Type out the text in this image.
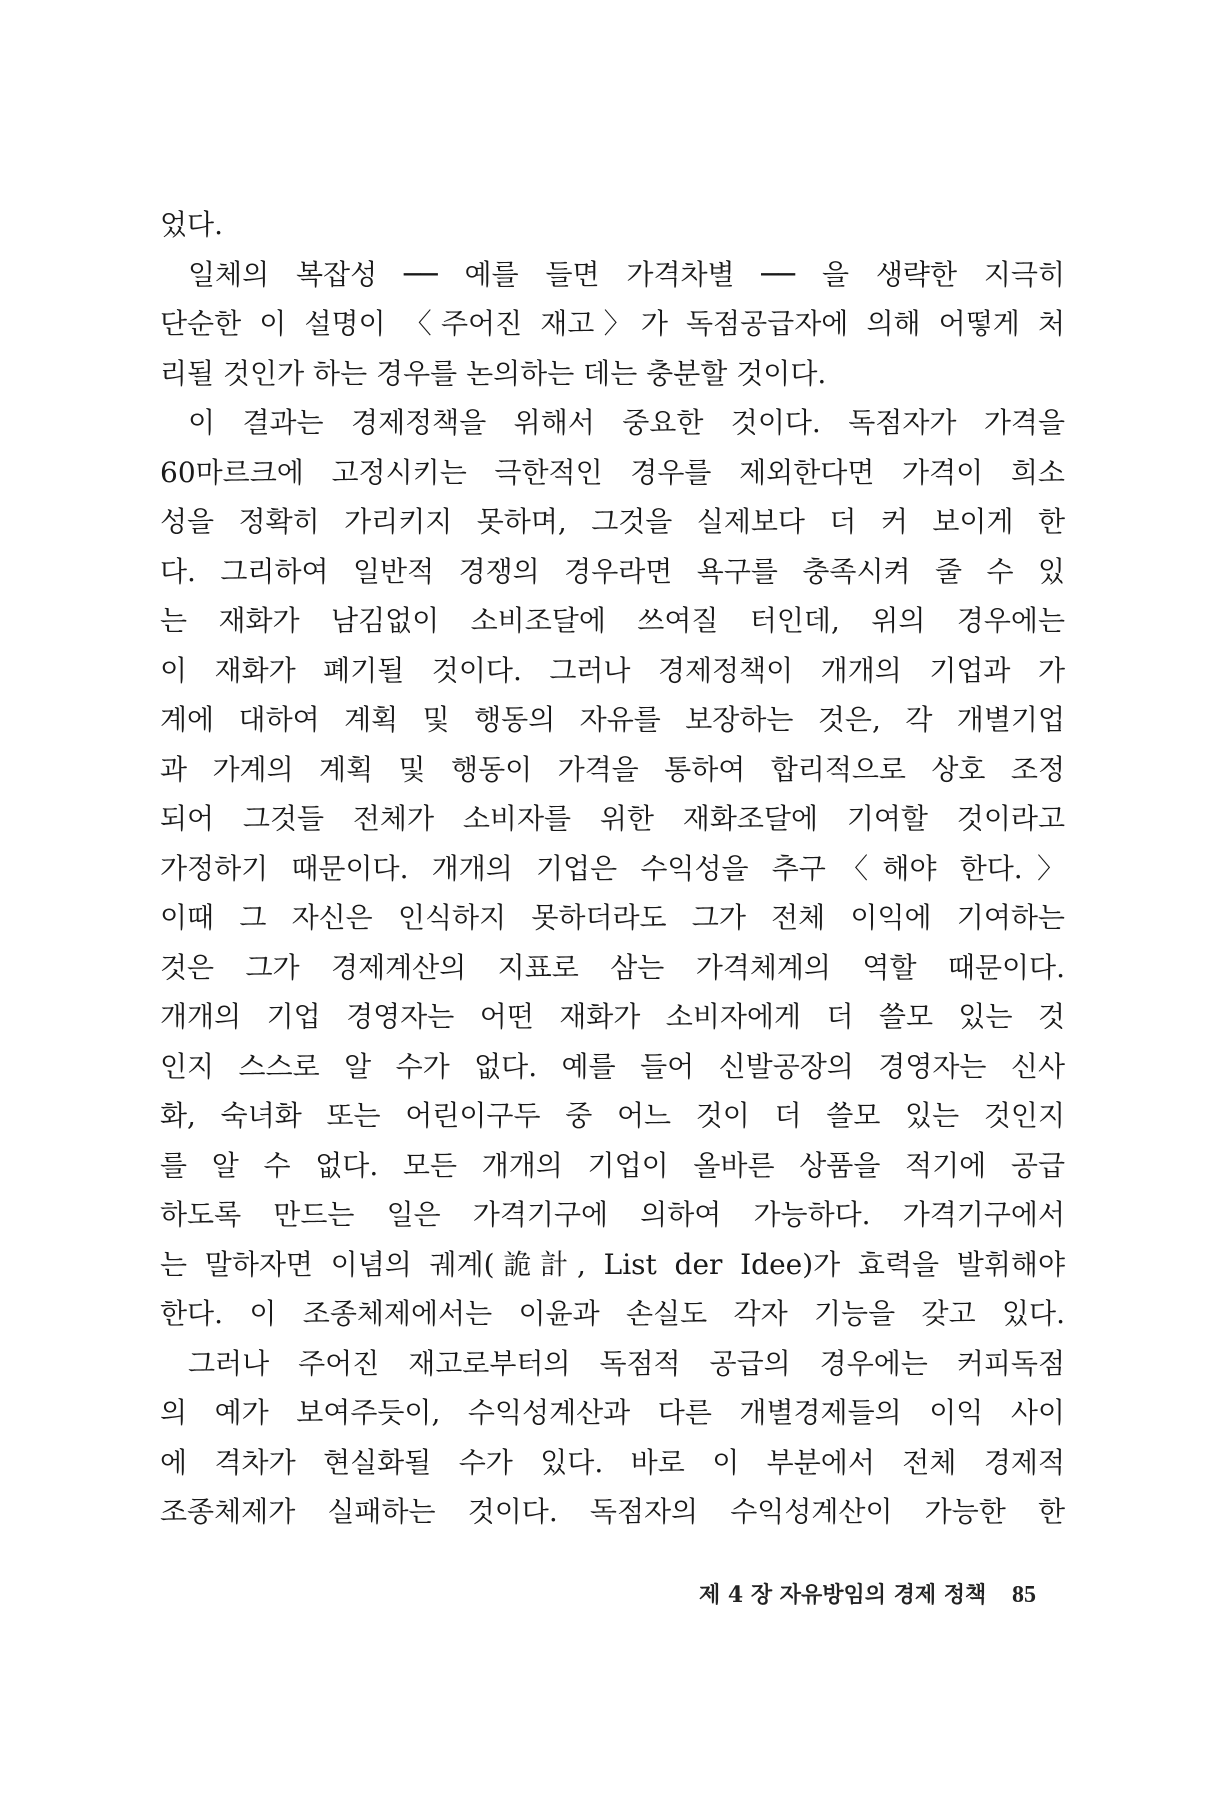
었다.
일체의 복잡성 ── 예를 들면 가격차별 ── 을 생략한 지극히
단순한 이 설명이 〈주어진 재고〉가 독점공급자에 의해 어떻게 처
리될 것인가 하는 경우를 논의하는 데는 충분할 것이다.
이 결과는 경제정책을 위해서 중요한 것이다. 독점자가 가격을
60마르크에 고정시키는 극한적인 경우를 제외한다면 가격이 희소
성을 정확히 가리키지 못하며, 그것을 실제보다 더 커 보이게 한
다. 그리하여 일반적 경쟁의 경우라면 욕구를 충족시켜 줄 수 있
는 재화가 남김없이 소비조달에 쓰여질 터인데, 위의 경우에는
이 재화가 폐기될 것이다. 그러나 경제정책이 개개의 기업과 가
계에 대하여 계획 및 행동의 자유를 보장하는 것은, 각 개별기업
과 가계의 계획 및 행동이 가격을 통하여 합리적으로 상호 조정
되어 그것들 전체가 소비자를 위한 재화조달에 기여할 것이라고
가정하기 때문이다. 개개의 기업은 수익성을 추구〈해야 한다.〉
이때 그 자신은 인식하지 못하더라도 그가 전체 이익에 기여하는
것은 그가 경제계산의 지표로 삼는 가격체계의 역할 때문이다.
개개의 기업 경영자는 어떤 재화가 소비자에게 더 쓸모 있는 것
인지 스스로 알 수가 없다. 예를 들어 신발공장의 경영자는 신사
화, 숙녀화 또는 어린이구두 중 어느 것이 더 쓸모 있는 것인지
를 알 수 없다. 모든 개개의 기업이 올바른 상품을 적기에 공급
하도록 만드는 일은 가격기구에 의하여 가능하다. 가격기구에서
는 말하자면 이념의 궤계(詭計, List der Idee)가 효력을 발휘해야
한다. 이 조종체제에서는 이윤과 손실도 각자 기능을 갖고 있다.
그러나 주어진 재고로부터의 독점적 공급의 경우에는 커피독점
의 예가 보여주듯이, 수익성계산과 다른 개별경제들의 이익 사이
에 격차가 현실화될 수가 있다. 바로 이 부분에서 전체 경제적
조종체제가 실패하는 것이다. 독점자의 수익성계산이 가능한 한
제 4 장 자유방임의 경제 정책 85
